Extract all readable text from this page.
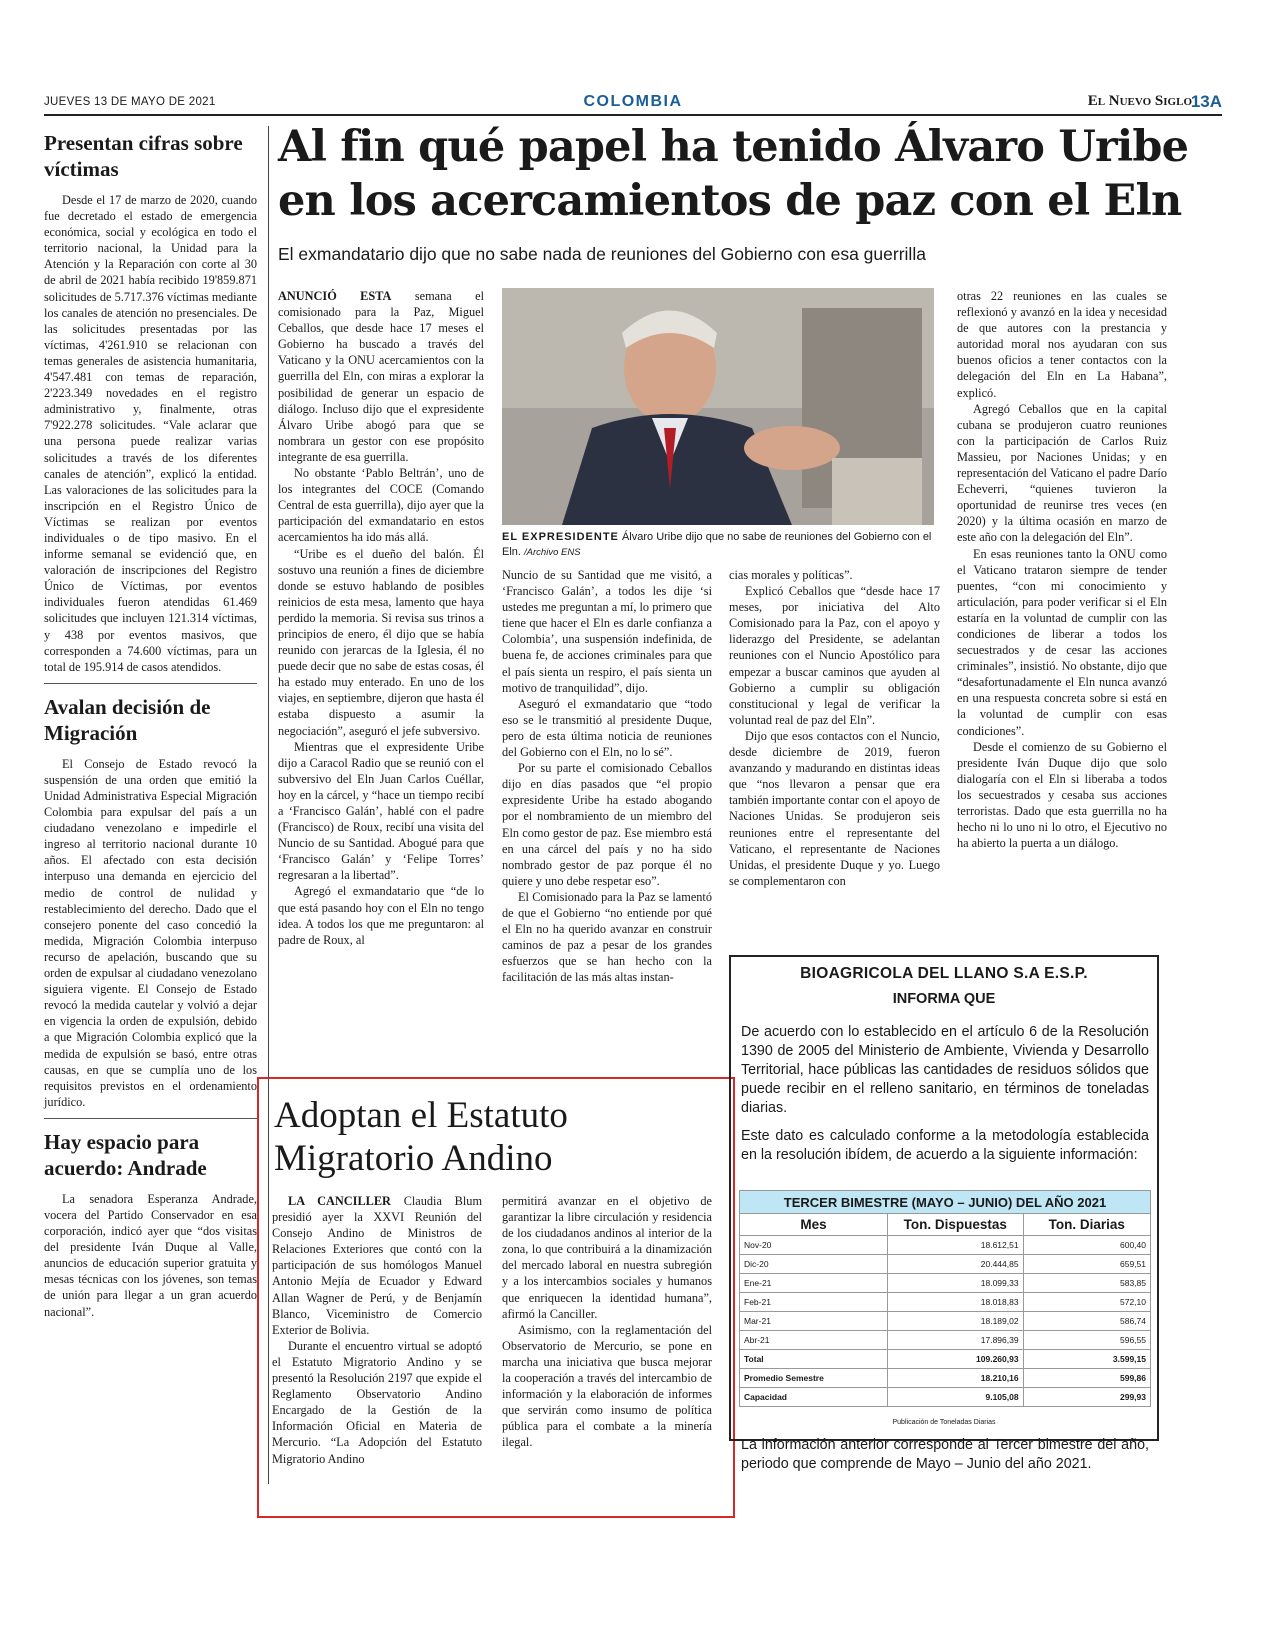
JUEVES 13 DE MAYO DE 2021	COLOMBIA	El Nuevo Siglo
13A
Presentan cifras sobre víctimas

Desde el 17 de marzo de 2020, cuando fue decretado el estado de emergencia económica, social y ecológica en todo el territorio nacional, la Unidad para la Atención y la Reparación con corte al 30 de abril de 2021 había recibido 19'859.871 solicitudes de 5.717.376 víctimas mediante los canales de atención no presenciales. De las solicitudes presentadas por las víctimas, 4'261.910 se relacionan con temas generales de asistencia humanitaria, 4'547.481 con temas de reparación, 2'223.349 novedades en el registro administrativo y, finalmente, otras 7'922.278 solicitudes. “Vale aclarar que una persona puede realizar varias solicitudes a través de los diferentes canales de atención”, explicó la entidad. Las valoraciones de las solicitudes para la inscripción en el Registro Único de Víctimas se realizan por eventos individuales o de tipo masivo. En el informe semanal se evidenció que, en valoración de inscripciones del Registro Único de Víctimas, por eventos individuales fueron atendidas 61.469 solicitudes que incluyen 121.314 víctimas, y 438 por eventos masivos, que corresponden a 74.600 víctimas, para un total de 195.914 de casos atendidos.

Avalan decisión de Migración

El Consejo de Estado revocó la suspensión de una orden que emitió la Unidad Administrativa Especial Migración Colombia para expulsar del país a un ciudadano venezolano e impedirle el ingreso al territorio nacional durante 10 años. El afectado con esta decisión interpuso una demanda en ejercicio del medio de control de nulidad y restablecimiento del derecho. Dado que el consejero ponente del caso concedió la medida, Migración Colombia interpuso recurso de apelación, buscando que su orden de expulsar al ciudadano venezolano siguiera vigente. El Consejo de Estado revocó la medida cautelar y volvió a dejar en vigencia la orden de expulsión, debido a que Migración Colombia explicó que la medida de expulsión se basó, entre otras causas, en que se cumplía uno de los requisitos previstos en el ordenamiento jurídico.

Hay espacio para acuerdo: Andrade

La senadora Esperanza Andrade, vocera del Partido Conservador en esa corporación, indicó ayer que “dos visitas del presidente Iván Duque al Valle, anuncios de educación superior gratuita y mesas técnicas con los jóvenes, son temas de unión para llegar a un gran acuerdo nacional”.

Al fin qué papel ha tenido Álvaro Uribe en los acercamientos de paz con el Eln
El exmandatario dijo que no sabe nada de reuniones del Gobierno con esa guerrilla

ANUNCIÓ ESTA semana el comisionado para la Paz, Miguel Ceballos, que desde hace 17 meses el Gobierno ha buscado a través del Vaticano y la ONU acercamientos con la guerrilla del Eln, con miras a explorar la posibilidad de generar un espacio de diálogo. Incluso dijo que el expresidente Álvaro Uribe abogó para que se nombrara un gestor con ese propósito integrante de esa guerrilla.

No obstante ‘Pablo Beltrán’, uno de los integrantes del COCE (Comando Central de esta guerrilla), dijo ayer que la participación del exmandatario en estos acercamientos ha ido más allá.

“Uribe es el dueño del balón. Él sostuvo una reunión a fines de diciembre donde se estuvo hablando de posibles reinicios de esta mesa, lamento que haya perdido la memoria. Si revisa sus trinos a principios de enero, él dijo que se había reunido con jerarcas de la Iglesia, él no puede decir que no sabe de estas cosas, él ha estado muy enterado. En uno de los viajes, en septiembre, dijeron que hasta él estaba dispuesto a asumir la negociación”, aseguró el jefe subversivo.

Mientras que el expresidente Uribe dijo a Caracol Radio que se reunió con el subversivo del Eln Juan Carlos Cuéllar, hoy en la cárcel, y “hace un tiempo recibí a ‘Francisco Galán’, hablé con el padre (Francisco) de Roux, recibí una visita del Nuncio de su Santidad. Abogué para que ‘Francisco Galán’ y ‘Felipe Torres’ regresaran a la libertad”.

Agregó el exmandatario que “de lo que está pasando hoy con el Eln no tengo idea. A todos los que me preguntaron: al padre de Roux, al

EL EXPRESIDENTE Álvaro Uribe dijo que no sabe de reuniones del Gobierno con el Eln. /Archivo ENS

Nuncio de su Santidad que me visitó, a ‘Francisco Galán’, a todos les dije ‘si ustedes me preguntan a mí, lo primero que tiene que hacer el Eln es darle confianza a Colombia’, una suspensión indefinida, de buena fe, de acciones criminales para que el país sienta un respiro, el país sienta un motivo de tranquilidad”, dijo.

Aseguró el exmandatario que “todo eso se le transmitió al presidente Duque, pero de esta última noticia de reuniones del Gobierno con el Eln, no lo sé”.

Por su parte el comisionado Ceballos dijo en días pasados que “el propio expresidente Uribe ha estado abogando por el nombramiento de un miembro del Eln como gestor de paz. Ese miembro está en una cárcel del país y no ha sido nombrado gestor de paz porque él no quiere y uno debe respetar eso”.

El Comisionado para la Paz se lamentó de que el Gobierno “no entiende por qué el Eln no ha querido avanzar en construir caminos de paz a pesar de los grandes esfuerzos que se han hecho con la facilitación de las más altas instan-

cias morales y políticas”.

Explicó Ceballos que “desde hace 17 meses, por iniciativa del Alto Comisionado para la Paz, con el apoyo y liderazgo del Presidente, se adelantan reuniones con el Nuncio Apostólico para empezar a buscar caminos que ayuden al Gobierno a cumplir su obligación constitucional y legal de verificar la voluntad real de paz del Eln”.

Dijo que esos contactos con el Nuncio, desde diciembre de 2019, fueron avanzando y madurando en distintas ideas que “nos llevaron a pensar que era también importante contar con el apoyo de Naciones Unidas. Se produjeron seis reuniones entre el representante del Vaticano, el representante de Naciones Unidas, el presidente Duque y yo. Luego se complementaron con

otras 22 reuniones en las cuales se reflexionó y avanzó en la idea y necesidad de que autores con la prestancia y autoridad moral nos ayudaran con sus buenos oficios a tener contactos con la delegación del Eln en La Habana”, explicó.

Agregó Ceballos que en la capital cubana se produjeron cuatro reuniones con la participación de Carlos Ruiz Massieu, por Naciones Unidas; y en representación del Vaticano el padre Darío Echeverri, “quienes tuvieron la oportunidad de reunirse tres veces (en 2020) y la última ocasión en marzo de este año con la delegación del Eln”.

En esas reuniones tanto la ONU como el Vaticano trataron siempre de tender puentes, “con mi conocimiento y articulación, para poder verificar si el Eln estaría en la voluntad de cumplir con las condiciones de liberar a todos los secuestrados y de cesar las acciones criminales”, insistió. No obstante, dijo que “desafortunadamente el Eln nunca avanzó en una respuesta concreta sobre si está en la voluntad de cumplir con esas condiciones”.

Desde el comienzo de su Gobierno el presidente Iván Duque dijo que solo dialogaría con el Eln si liberaba a todos los secuestrados y cesaba sus acciones terroristas. Dado que esta guerrilla no ha hecho ni lo uno ni lo otro, el Ejecutivo no ha abierto la puerta a un diálogo.

Adoptan el Estatuto Migratorio Andino

LA CANCILLER Claudia Blum presidió ayer la XXVI Reunión del Consejo Andino de Ministros de Relaciones Exteriores que contó con la participación de sus homólogos Manuel Antonio Mejía de Ecuador y Edward Allan Wagner de Perú, y de Benjamín Blanco, Viceministro de Comercio Exterior de Bolivia.

Durante el encuentro virtual se adoptó el Estatuto Migratorio Andino y se presentó la Resolución 2197 que expide el Reglamento Observatorio Andino Encargado de la Gestión de la Información Oficial en Materia de Mercurio. “La Adopción del Estatuto Migratorio Andino

permitirá avanzar en el objetivo de garantizar la libre circulación y residencia de los ciudadanos andinos al interior de la zona, lo que contribuirá a la dinamización del mercado laboral en nuestra subregión y a los intercambios sociales y humanos que enriquecen la identidad humana”, afirmó la Canciller.

Asimismo, con la reglamentación del Observatorio de Mercurio, se pone en marcha una iniciativa que busca mejorar la cooperación a través del intercambio de información y la elaboración de informes que servirán como insumo de política pública para el combate a la minería ilegal.

BIOAGRICOLA DEL LLANO S.A E.S.P.
INFORMA QUE
De acuerdo con lo establecido en el artículo 6 de la Resolución 1390 de 2005 del Ministerio de Ambiente, Vivienda y Desarrollo Territorial, hace públicas las cantidades de residuos sólidos que puede recibir en el relleno sanitario, en términos de toneladas diarias.
Este dato es calculado conforme a la metodología establecida en la resolución ibídem, de acuerdo a la siguiente información:
TERCER BIMESTRE (MAYO – JUNIO) DEL AÑO 2021		
Mes	Ton. Dispuestas	Ton. Diarias
Nov-20	18.612,51	600,40
Dic-20	20.444,85	659,51
Ene-21	18.099,33	583,85
Feb-21	18.018,83	572,10
Mar-21	18.189,02	586,74
Abr-21	17.896,39	596,55
Total	109.260,93	3.599,15
Promedio Semestre	18.210,16	599,86
Capacidad	9.105,08	299,93
Publicación de Toneladas Diarias
La información anterior corresponde al Tercer bimestre del año, periodo que comprende de Mayo – Junio del año 2021.
